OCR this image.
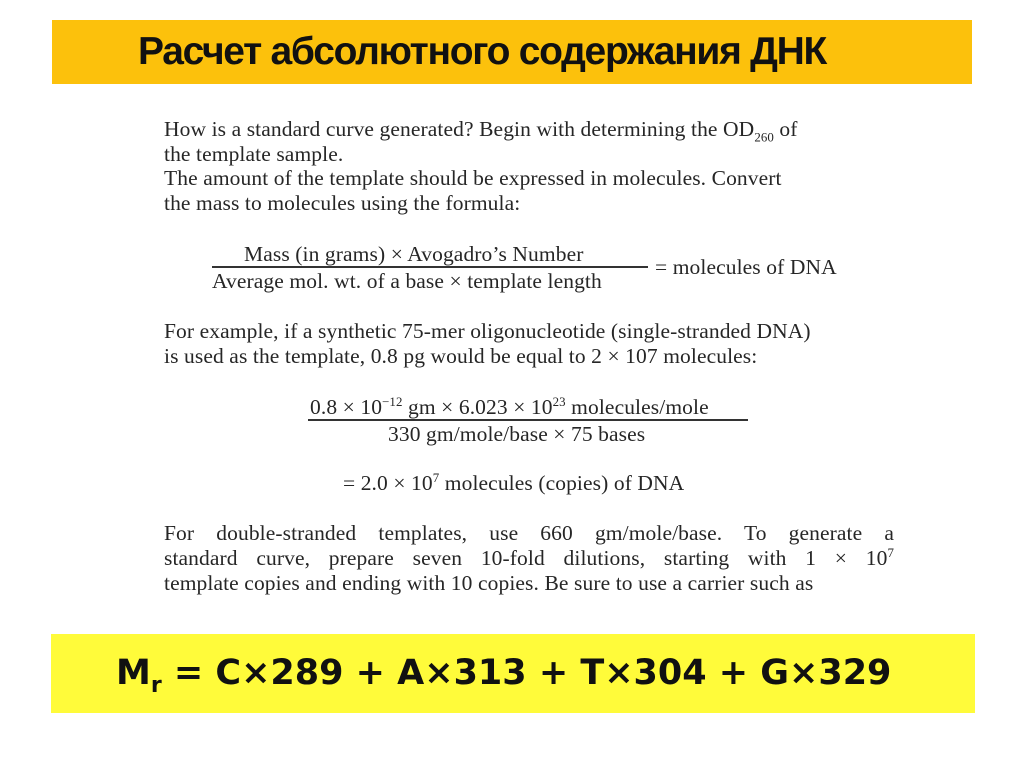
Расчет абсолютного содержания ДНК
How is a standard curve generated? Begin with determining the $OD_{260}$ of
the template sample.
The amount of the template should be expressed in molecules. Convert
the mass to molecules using the formula:
Mass (in grams) × Avogadro’s Number
Average mol. wt. of a base × template length
= molecules of DNA
For example, if a synthetic 75-mer oligonucleotide (single-stranded DNA)
is used as the template, 0.8 pg would be equal to 2 × 107 molecules:
$0.8 \times 10^{-12}$ gm × $6.023 \times 10^{23}$ molecules/mole
330 gm/mole/base × 75 bases
= $2.0 \times 10^7$ molecules (copies) of DNA
For double-stranded templates, use 660 gm/mole/base. To generate a
standard curve, prepare seven 10-fold dilutions, starting with $1 \times 10^7$
template copies and ending with 10 copies. Be sure to use a carrier such as
$M_r = C\times 289 + A\times 313 + T\times 304 + G\times 329$
